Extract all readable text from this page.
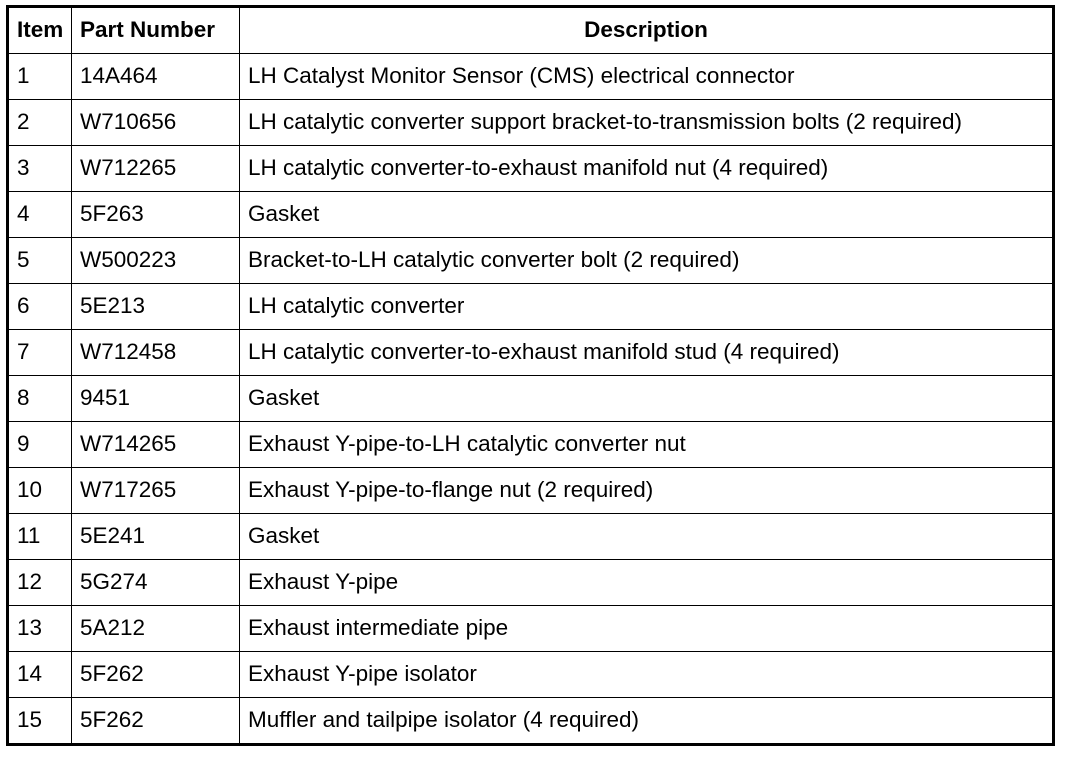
Item	Part Number	Description
1	14A464	LH Catalyst Monitor Sensor (CMS) electrical connector
2	W710656	LH catalytic converter support bracket-to-transmission bolts (2 required)
3	W712265	LH catalytic converter-to-exhaust manifold nut (4 required)
4	5F263	Gasket
5	W500223	Bracket-to-LH catalytic converter bolt (2 required)
6	5E213	LH catalytic converter
7	W712458	LH catalytic converter-to-exhaust manifold stud (4 required)
8	9451	Gasket
9	W714265	Exhaust Y-pipe-to-LH catalytic converter nut
10	W717265	Exhaust Y-pipe-to-flange nut (2 required)
11	5E241	Gasket
12	5G274	Exhaust Y-pipe
13	5A212	Exhaust intermediate pipe
14	5F262	Exhaust Y-pipe isolator
15	5F262	Muffler and tailpipe isolator (4 required)
